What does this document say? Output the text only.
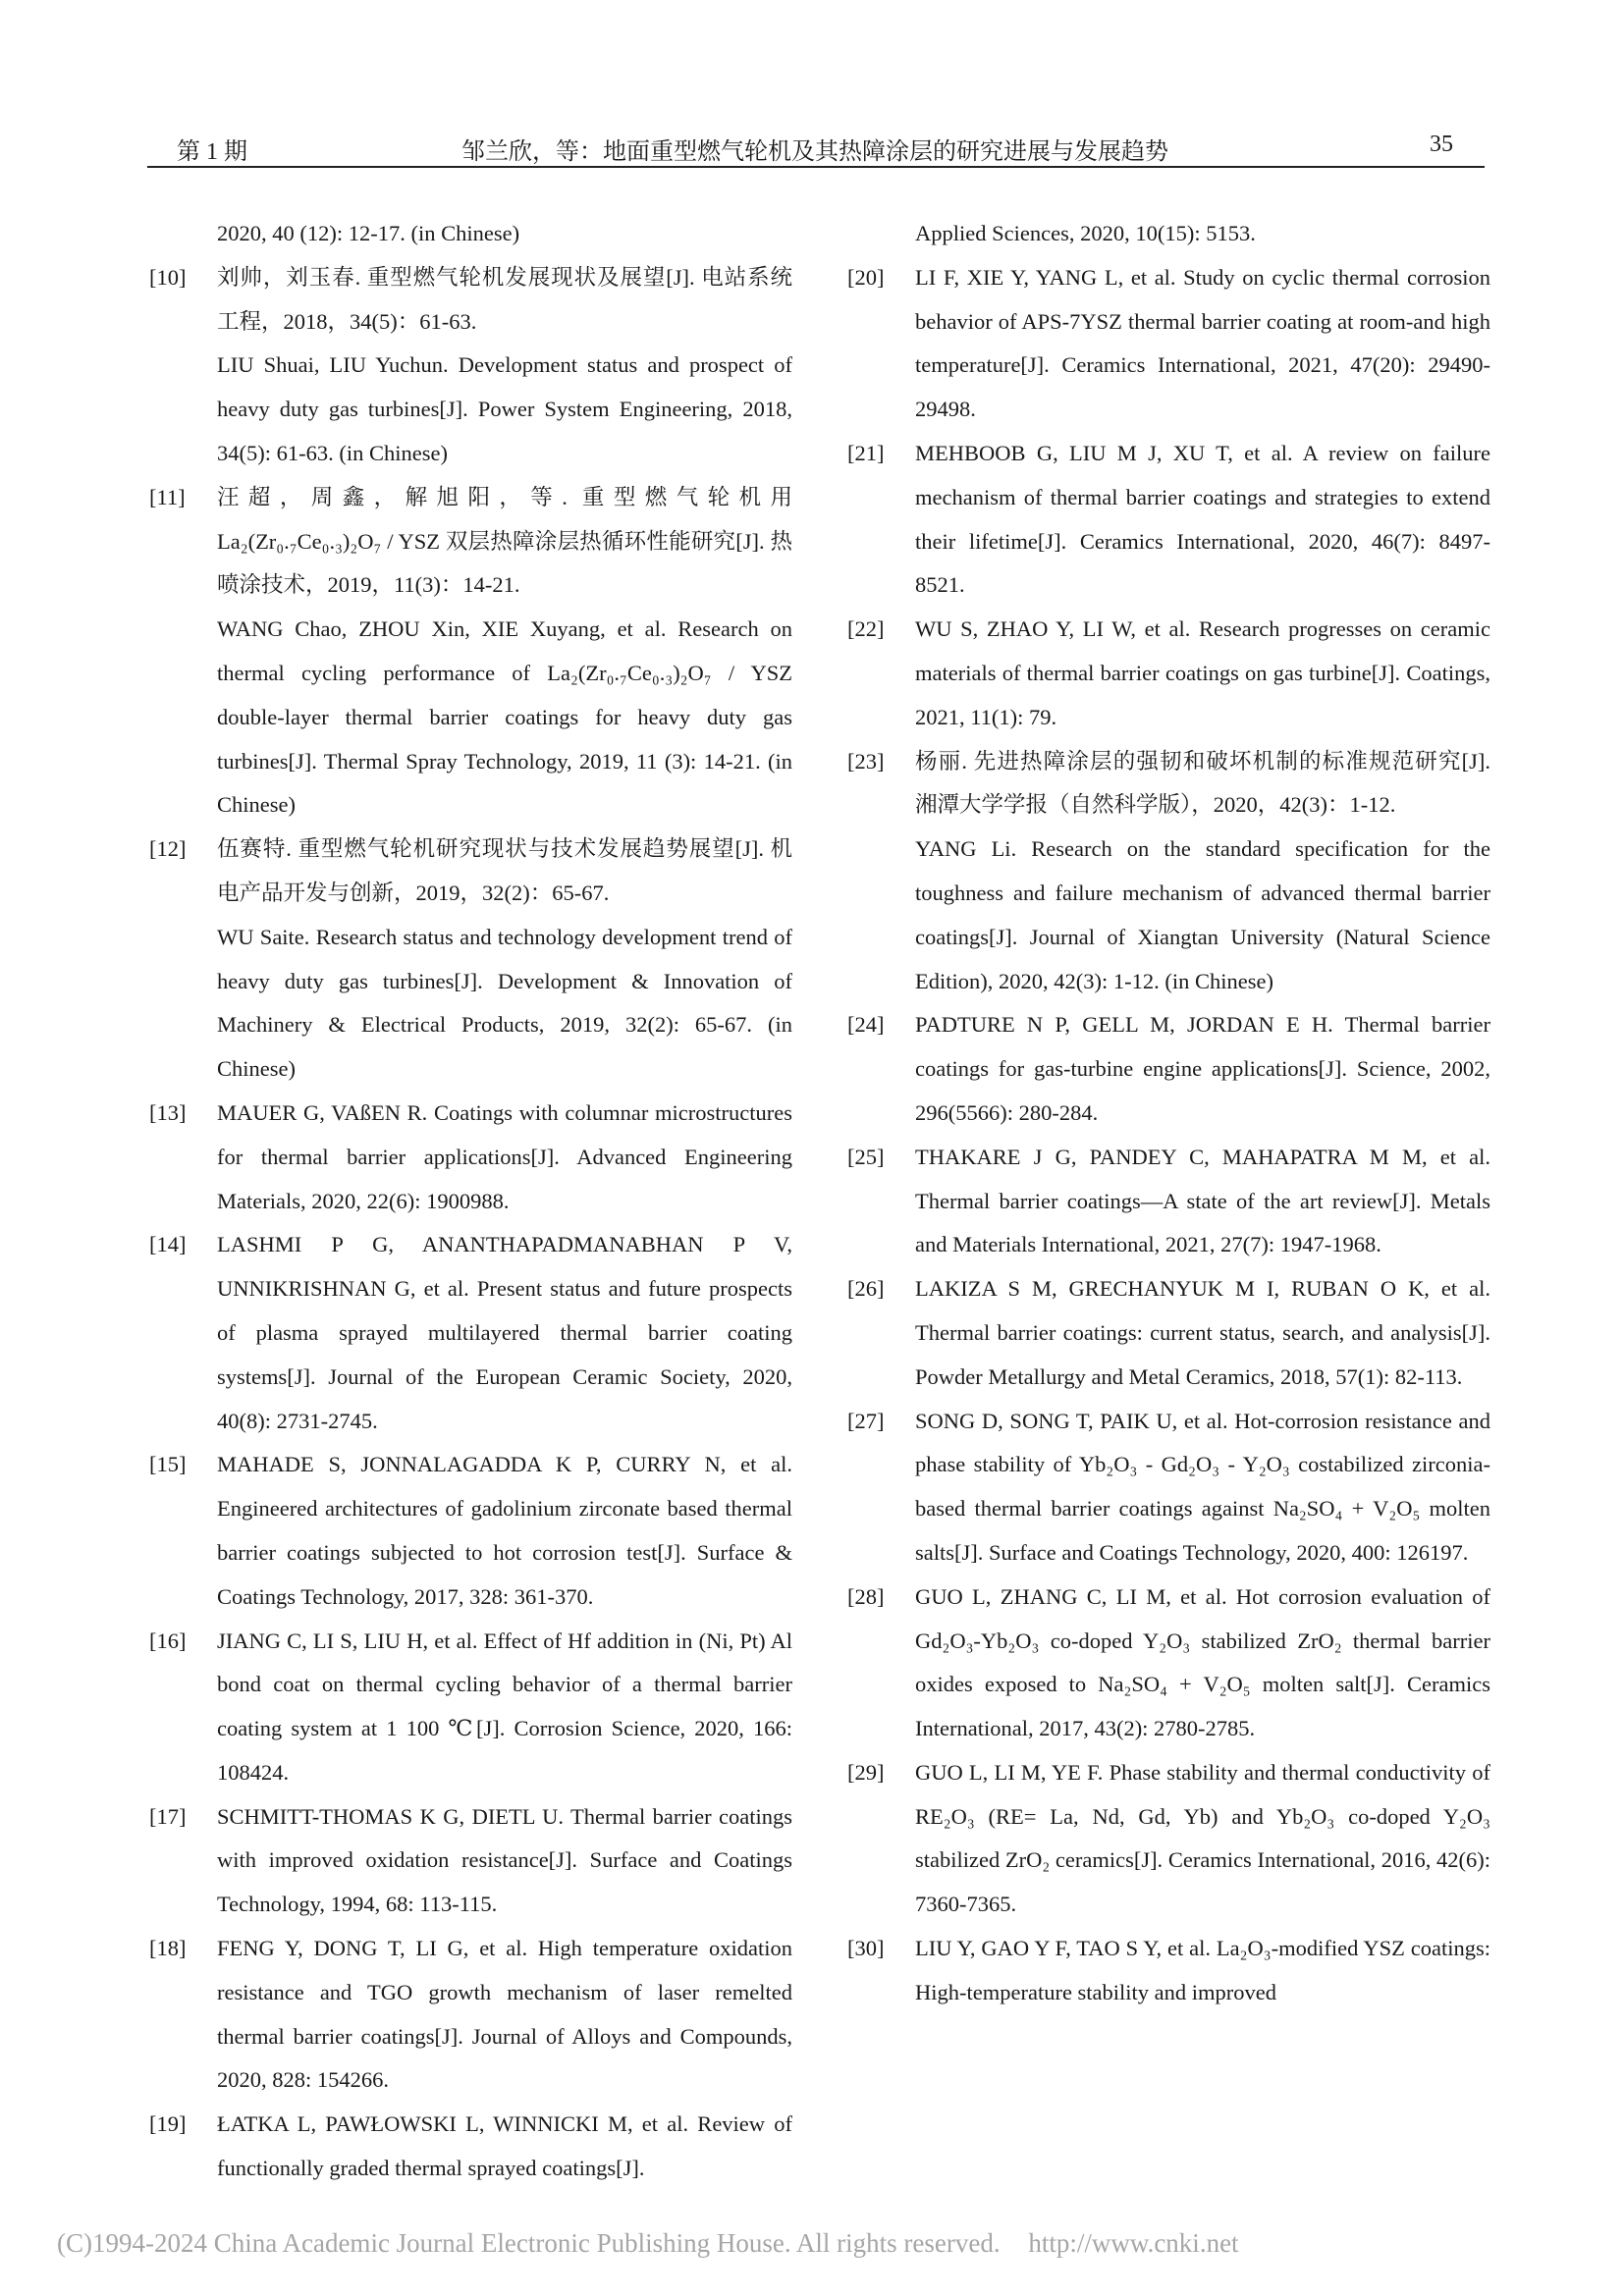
第 1 期	邹兰欣，等：地面重型燃气轮机及其热障涂层的研究进展与发展趋势	35

2020, 40 (12): 12-17. (in Chinese)

[10] 刘帅，刘玉春. 重型燃气轮机发展现状及展望[J]. 电站系统工程，2018，34(5)：61-63.

LIU Shuai, LIU Yuchun. Development status and prospect of heavy duty gas turbines[J]. Power System Engineering, 2018, 34(5): 61-63. (in Chinese)

[11] 汪超，周鑫，解旭阳，等. 重型燃气轮机用 La₂(Zr₀.₇Ce₀.₃)₂O₇ / YSZ 双层热障涂层热循环性能研究[J]. 热喷涂技术，2019，11(3)：14-21.

WANG Chao, ZHOU Xin, XIE Xuyang, et al. Research on thermal cycling performance of La₂(Zr₀.₇Ce₀.₃)₂O₇ / YSZ double-layer thermal barrier coatings for heavy duty gas turbines[J]. Thermal Spray Technology, 2019, 11 (3): 14-21. (in Chinese)

[12] 伍赛特. 重型燃气轮机研究现状与技术发展趋势展望[J]. 机电产品开发与创新，2019，32(2)：65-67.

WU Saite. Research status and technology development trend of heavy duty gas turbines[J]. Development & Innovation of Machinery & Electrical Products, 2019, 32(2): 65-67. (in Chinese)

[13] MAUER G, VAßEN R. Coatings with columnar microstructures for thermal barrier applications[J]. Advanced Engineering Materials, 2020, 22(6): 1900988.

[14] LASHMI P G, ANANTHAPADMANABHAN P V, UNNIKRISHNAN G, et al. Present status and future prospects of plasma sprayed multilayered thermal barrier coating systems[J]. Journal of the European Ceramic Society, 2020, 40(8): 2731-2745.

[15] MAHADE S, JONNALAGADDA K P, CURRY N, et al. Engineered architectures of gadolinium zirconate based thermal barrier coatings subjected to hot corrosion test[J]. Surface & Coatings Technology, 2017, 328: 361-370.

[16] JIANG C, LI S, LIU H, et al. Effect of Hf addition in (Ni, Pt) Al bond coat on thermal cycling behavior of a thermal barrier coating system at 1 100 ℃[J]. Corrosion Science, 2020, 166: 108424.

[17] SCHMITT-THOMAS K G, DIETL U. Thermal barrier coatings with improved oxidation resistance[J]. Surface and Coatings Technology, 1994, 68: 113-115.

[18] FENG Y, DONG T, LI G, et al. High temperature oxidation resistance and TGO growth mechanism of laser remelted thermal barrier coatings[J]. Journal of Alloys and Compounds, 2020, 828: 154266.

[19] ŁATKA L, PAWŁOWSKI L, WINNICKI M, et al. Review of functionally graded thermal sprayed coatings[J].

Applied Sciences, 2020, 10(15): 5153.

[20] LI F, XIE Y, YANG L, et al. Study on cyclic thermal corrosion behavior of APS-7YSZ thermal barrier coating at room-and high temperature[J]. Ceramics International, 2021, 47(20): 29490-29498.

[21] MEHBOOB G, LIU M J, XU T, et al. A review on failure mechanism of thermal barrier coatings and strategies to extend their lifetime[J]. Ceramics International, 2020, 46(7): 8497-8521.

[22] WU S, ZHAO Y, LI W, et al. Research progresses on ceramic materials of thermal barrier coatings on gas turbine[J]. Coatings, 2021, 11(1): 79.

[23] 杨丽. 先进热障涂层的强韧和破坏机制的标准规范研究[J]. 湘潭大学学报（自然科学版），2020，42(3)：1-12.

YANG Li. Research on the standard specification for the toughness and failure mechanism of advanced thermal barrier coatings[J]. Journal of Xiangtan University (Natural Science Edition), 2020, 42(3): 1-12. (in Chinese)

[24] PADTURE N P, GELL M, JORDAN E H. Thermal barrier coatings for gas-turbine engine applications[J]. Science, 2002, 296(5566): 280-284.

[25] THAKARE J G, PANDEY C, MAHAPATRA M M, et al. Thermal barrier coatings—A state of the art review[J]. Metals and Materials International, 2021, 27(7): 1947-1968.

[26] LAKIZA S M, GRECHANYUK M I, RUBAN O K, et al. Thermal barrier coatings: current status, search, and analysis[J]. Powder Metallurgy and Metal Ceramics, 2018, 57(1): 82-113.

[27] SONG D, SONG T, PAIK U, et al. Hot-corrosion resistance and phase stability of Yb₂O₃ - Gd₂O₃ - Y₂O₃ costabilized zirconia-based thermal barrier coatings against Na₂SO₄ + V₂O₅ molten salts[J]. Surface and Coatings Technology, 2020, 400: 126197.

[28] GUO L, ZHANG C, LI M, et al. Hot corrosion evaluation of Gd₂O₃-Yb₂O₃ co-doped Y₂O₃ stabilized ZrO₂ thermal barrier oxides exposed to Na₂SO₄ + V₂O₅ molten salt[J]. Ceramics International, 2017, 43(2): 2780-2785.

[29] GUO L, LI M, YE F. Phase stability and thermal conductivity of RE₂O₃ (RE= La, Nd, Gd, Yb) and Yb₂O₃ co-doped Y₂O₃ stabilized ZrO₂ ceramics[J]. Ceramics International, 2016, 42(6): 7360-7365.

[30] LIU Y, GAO Y F, TAO S Y, et al. La₂O₃-modified YSZ coatings: High-temperature stability and improved

(C)1994-2024 China Academic Journal Electronic Publishing House. All rights reserved. http://www.cnki.net
